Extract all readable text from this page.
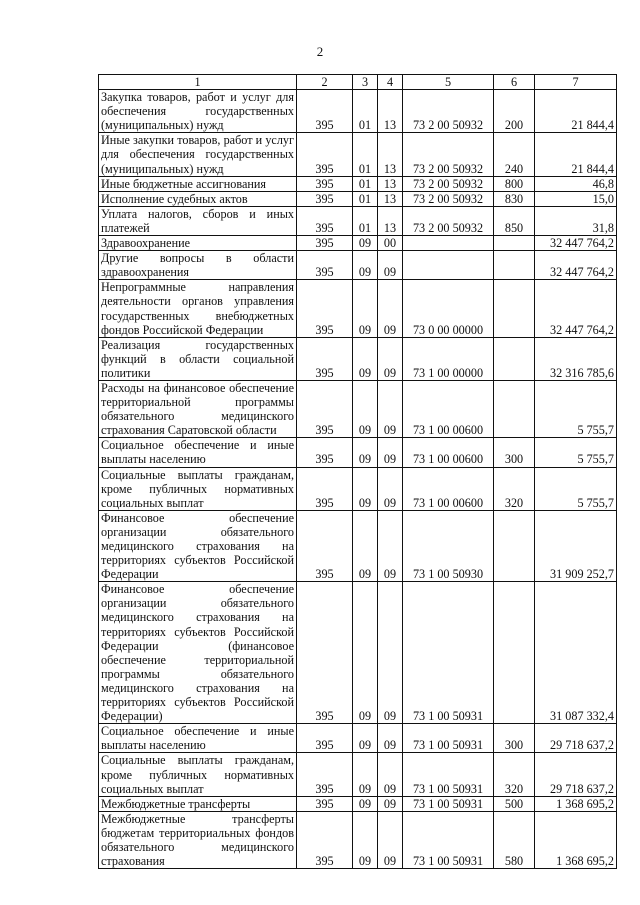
2
1	2	3	4	5	6	7
Закупка товаров, работ и услуг для обеспечения государственных (муниципальных) нужд	395	01	13	73 2 00 50932	200	21 844,4
Иные закупки товаров, работ и услуг для обеспечения государственных (муниципальных) нужд	395	01	13	73 2 00 50932	240	21 844,4
Иные бюджетные ассигнования	395	01	13	73 2 00 50932	800	46,8
Исполнение судебных актов	395	01	13	73 2 00 50932	830	15,0
Уплата налогов, сборов и иных платежей	395	01	13	73 2 00 50932	850	31,8
Здравоохранение	395	09	00			32 447 764,2
Другие вопросы в области здравоохранения	395	09	09			32 447 764,2
Непрограммные направления деятельности органов управления государственных внебюджетных фондов Российской Федерации	395	09	09	73 0 00 00000		32 447 764,2
Реализация государственных функций в области социальной политики	395	09	09	73 1 00 00000		32 316 785,6
Расходы на финансовое обеспечение территориальной программы обязательного медицинского страхования Саратовской области	395	09	09	73 1 00 00600		5 755,7
Социальное обеспечение и иные выплаты населению	395	09	09	73 1 00 00600	300	5 755,7
Социальные выплаты гражданам, кроме публичных нормативных социальных выплат	395	09	09	73 1 00 00600	320	5 755,7
Финансовое обеспечение организации обязательного медицинского страхования на территориях субъектов Российской Федерации	395	09	09	73 1 00 50930		31 909 252,7
Финансовое обеспечение организации обязательного медицинского страхования на территориях субъектов Российской Федерации (финансовое обеспечение территориальной программы обязательного медицинского страхования на территориях субъектов Российской Федерации)	395	09	09	73 1 00 50931		31 087 332,4
Социальное обеспечение и иные выплаты населению	395	09	09	73 1 00 50931	300	29 718 637,2
Социальные выплаты гражданам, кроме публичных нормативных социальных выплат	395	09	09	73 1 00 50931	320	29 718 637,2
Межбюджетные трансферты	395	09	09	73 1 00 50931	500	1 368 695,2
Межбюджетные трансферты бюджетам территориальных фондов обязательного медицинского страхования	395	09	09	73 1 00 50931	580	1 368 695,2
